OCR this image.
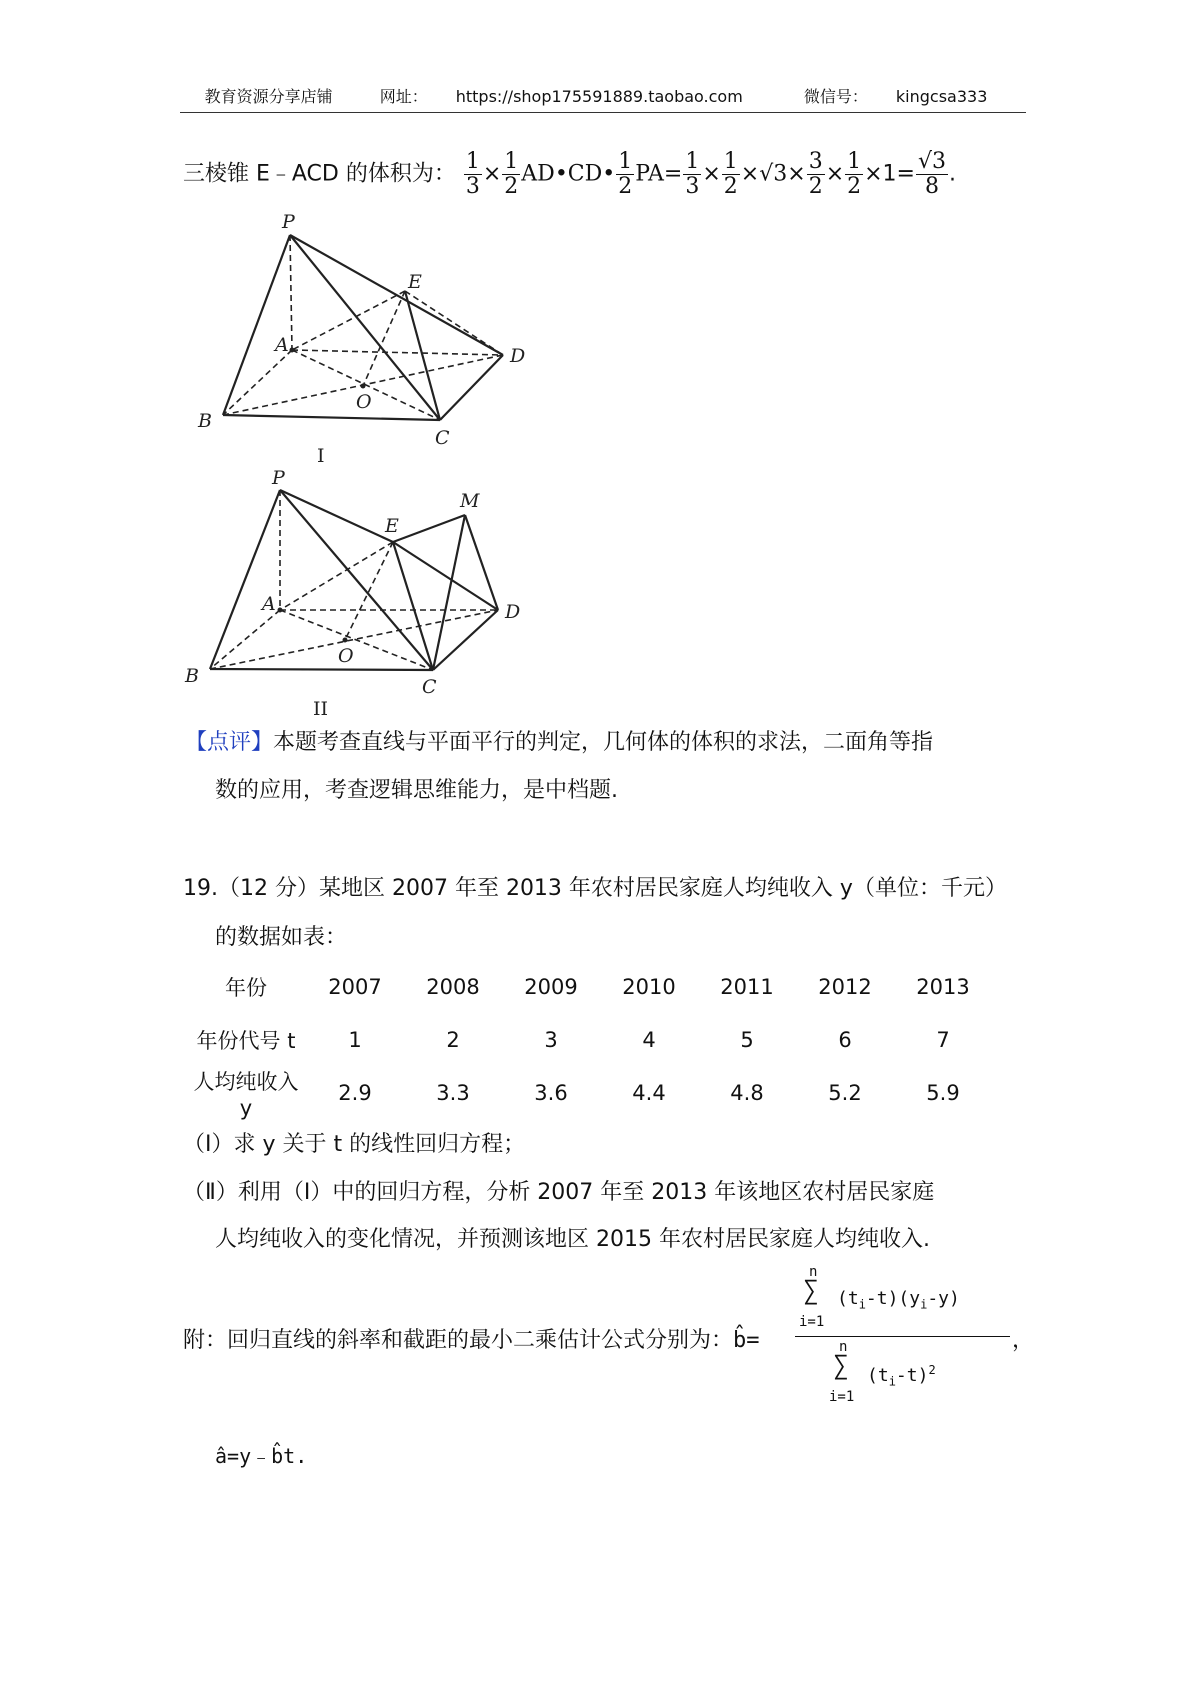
教育资源分享店铺	网址： https://shop175591889.taobao.com	微信号： kingcsa333
三棱锥 E﹣ACD 的体积为： $\frac{1}{3} \times \frac{1}{2}$ AD•CD• $\frac{1}{2} PA= \frac{1}{3} \times \frac{1}{2} \times√3\times \frac{3}{2} \times \frac{1}{2} \times 1= \frac{√3}{8}$ .
P
E
A	D
O
B
C
I
P
M
E
A	D
O
B	C
II
【点评】本题考查直线与平面平行的判定，几何体的体积的求法，二面角等指
数的应用，考查逻辑思维能力，是中档题.
19.（12 分）某地区 2007 年至 2013 年农村居民家庭人均纯收入 y（单位：千元）
的数据如表：
年份	2007	2008	2009	2010	2011	2012	2013
年份代号 t	1	2	3	4	5	6	7
人均纯收入 y	2.9	3.3	3.6	4.4	4.8	5.2	5.9
（Ⅰ）求 y 关于 t 的线性回归方程；
（Ⅱ）利用（Ⅰ）中的回归方程，分析 2007 年至 2013 年该地区农村居民家庭
人均纯收入的变化情况，并预测该地区 2015 年农村居民家庭人均纯收入.
附：回归直线的斜率和截距的最小二乘估计公式分别为：b̂=	n
∑
i=1
$(t_i-t)(y_i-y)$
n
∑
i=1
$(t_i-t)^2$ ，
â=y﹣b̂t.
